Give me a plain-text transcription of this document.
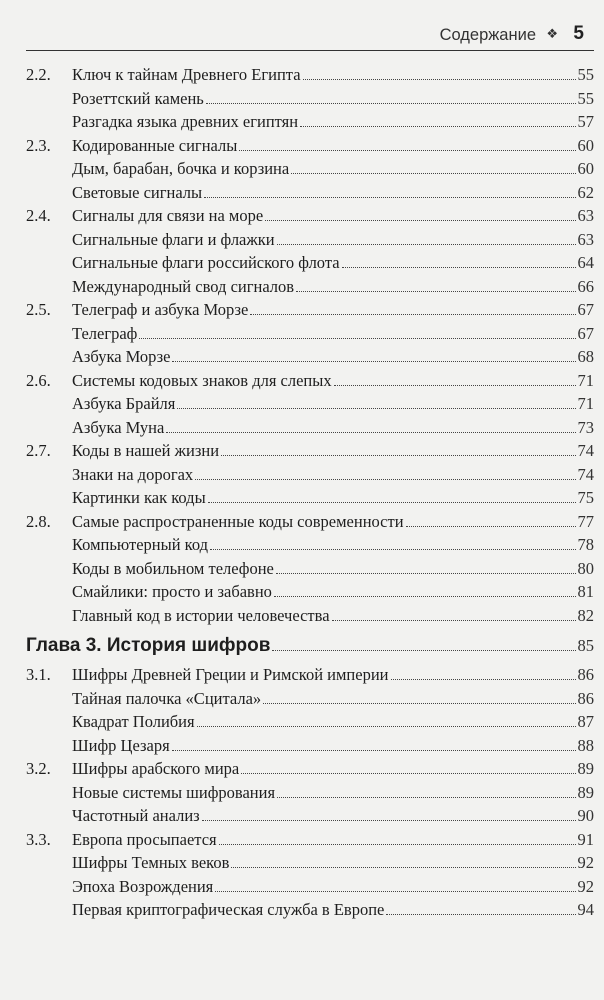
Содержание ❖ 5
2.2. Ключ к тайнам Древнего Египта	55
Розеттский камень	55
Разгадка языка древних египтян	57
2.3. Кодированные сигналы	60
Дым, барабан, бочка и корзина	60
Световые сигналы	62
2.4. Сигналы для связи на море	63
Сигнальные флаги и флажки	63
Сигнальные флаги российского флота	64
Международный свод сигналов	66
2.5. Телеграф и азбука Морзе	67
Телеграф	67
Азбука Морзе	68
2.6. Системы кодовых знаков для слепых	71
Азбука Брайля	71
Азбука Муна	73
2.7. Коды в нашей жизни	74
Знаки на дорогах	74
Картинки как коды	75
2.8. Самые распространенные коды современности	77
Компьютерный код	78
Коды в мобильном телефоне	80
Смайлики: просто и забавно	81
Главный код в истории человечества	82
Глава 3. История шифров	85
3.1. Шифры Древней Греции и Римской империи	86
Тайная палочка «Сцитала»	86
Квадрат Полибия	87
Шифр Цезаря	88
3.2. Шифры арабского мира	89
Новые системы шифрования	89
Частотный анализ	90
3.3. Европа просыпается	91
Шифры Темных веков	92
Эпоха Возрождения	92
Первая криптографическая служба в Европе	94
